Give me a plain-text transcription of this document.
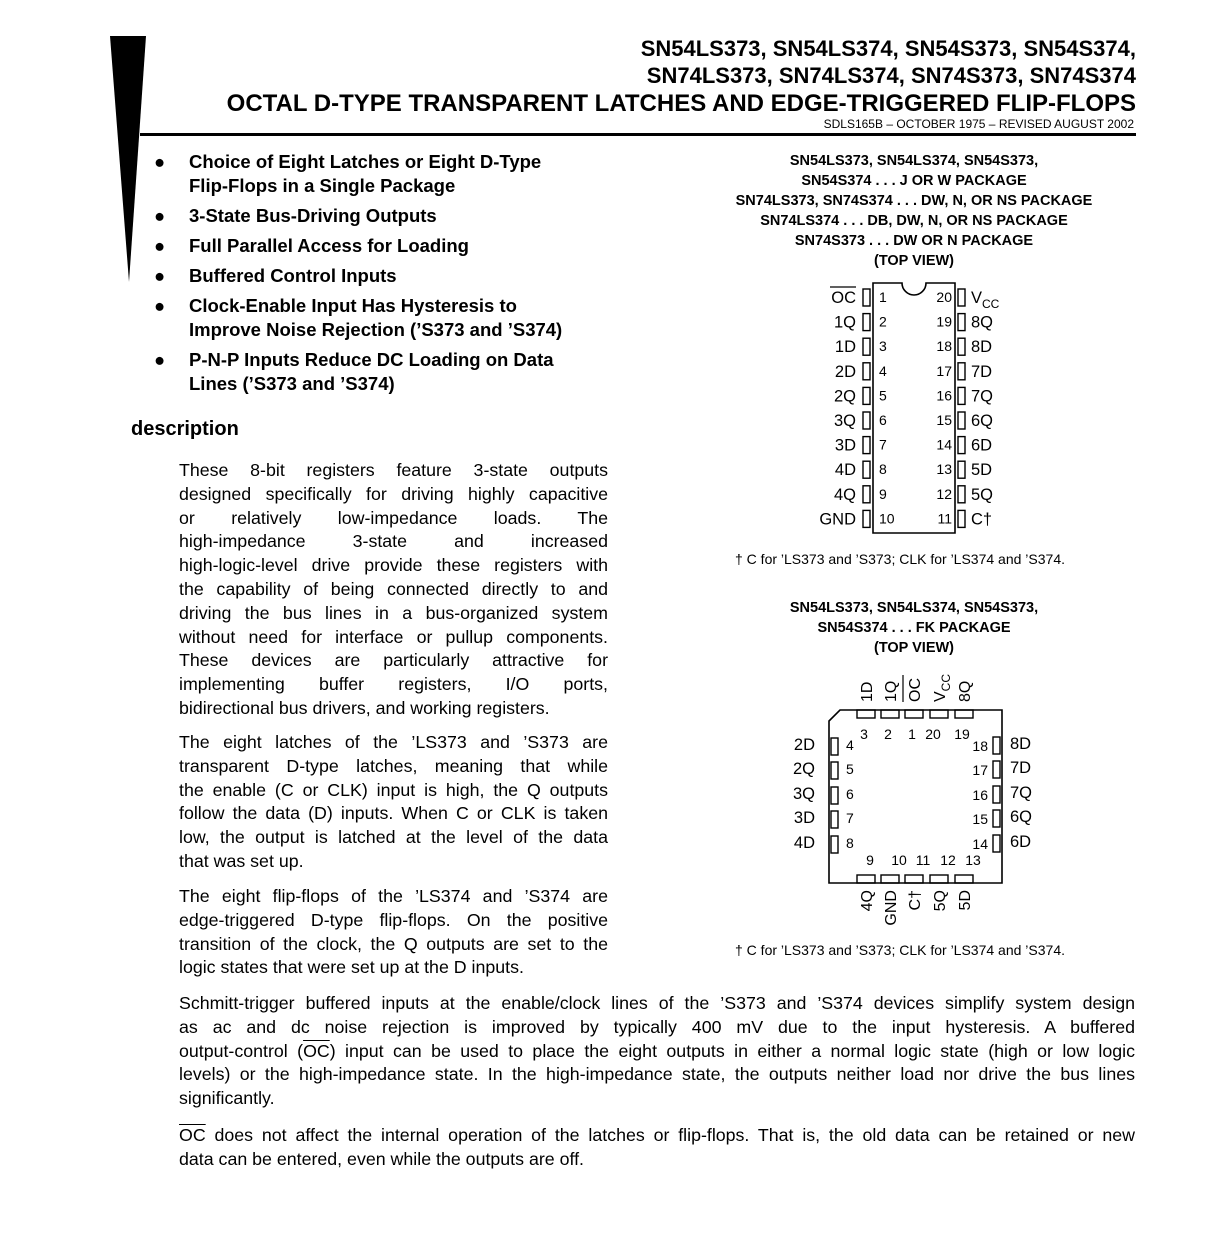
SN54LS373, SN54LS374, SN54S373, SN54S374,
SN74LS373, SN74LS374, SN74S373, SN74S374
OCTAL D-TYPE TRANSPARENT LATCHES AND EDGE-TRIGGERED FLIP-FLOPS
SDLS165B – OCTOBER 1975 – REVISED AUGUST 2002
● Choice of Eight Latches or Eight D-Type
Flip-Flops in a Single Package
● 3-State Bus-Driving Outputs
● Full Parallel Access for Loading
● Buffered Control Inputs
● Clock-Enable Input Has Hysteresis to
Improve Noise Rejection (’S373 and ’S374)
● P-N-P Inputs Reduce DC Loading on Data
Lines (’S373 and ’S374)
description
These 8-bit registers feature 3-state outputs
designed specifically for driving highly capacitive
or relatively low-impedance loads. The
high-impedance 3-state and increased
high-logic-level drive provide these registers with
the capability of being connected directly to and
driving the bus lines in a bus-organized system
without need for interface or pullup components.
These devices are particularly attractive for
implementing buffer registers, I/O ports,
bidirectional bus drivers, and working registers.
The eight latches of the ’LS373 and ’S373 are
transparent D-type latches, meaning that while
the enable (C or CLK) input is high, the Q outputs
follow the data (D) inputs. When C or CLK is taken
low, the output is latched at the level of the data
that was set up.
The eight flip-flops of the ’LS374 and ’S374 are
edge-triggered D-type flip-flops. On the positive
transition of the clock, the Q outputs are set to the
logic states that were set up at the D inputs.
Schmitt-trigger buffered inputs at the enable/clock lines of the ’S373 and ’S374 devices simplify system design
as ac and dc noise rejection is improved by typically 400 mV due to the input hysteresis. A buffered
output-control $(\overline{OC})$ input can be used to place the eight outputs in either a normal logic state (high or low logic
levels) or the high-impedance state. In the high-impedance state, the outputs neither load nor drive the bus lines
significantly.
$\overline{OC}$ does not affect the internal operation of the latches or flip-flops. That is, the old data can be retained or new
data can be entered, even while the outputs are off.
SN54LS373, SN54LS374, SN54S373,
SN54S374 . . . J OR W PACKAGE
SN74LS373, SN74S374 . . . DW, N, OR NS PACKAGE
SN74LS374 . . . DB, DW, N, OR NS PACKAGE
SN74S373 . . . DW OR N PACKAGE
(TOP VIEW)
1
OC
2
1Q
3
1D
4
2D
5
2Q
6
3Q
7
3D
8
4D
9
4Q
10
GND
20 $V_{CC}$
19 8Q
18 8D
17 7D
16 7Q
15 6Q
14 6D
13 5D
12 5Q
11 C†
† C for ’LS373 and ’S373; CLK for ’LS374 and ’S374.
SN54LS373, SN54LS374, SN54S373,
SN54S374 . . . FK PACKAGE
(TOP VIEW)
1D
3
1Q
2
OC
1
$V_{CC}$
20
8Q
19
2D 4
2Q 5
3Q 6
3D 7
4D 8
18 8D
17 7D
16 7Q
15 6Q
14 6D
9
4Q
10
GND
11
C†
12
5Q
13
5D
† C for ’LS373 and ’S373; CLK for ’LS374 and ’S374.
